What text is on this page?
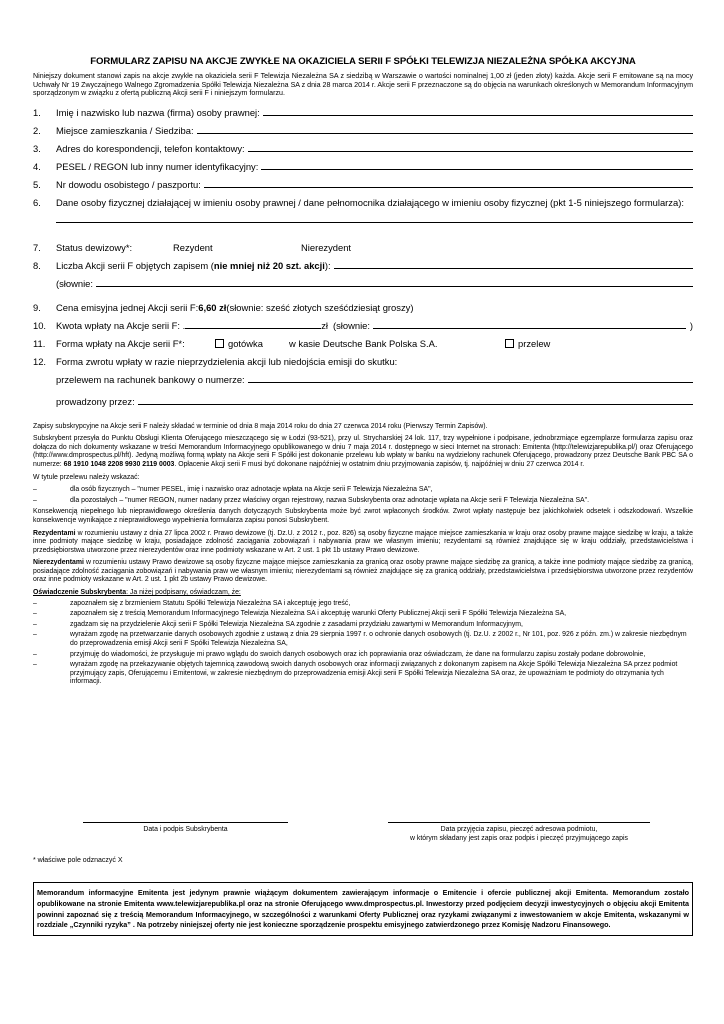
FORMULARZ ZAPISU NA AKCJE ZWYKŁE NA OKAZICIELA SERII F SPÓŁKI TELEWIZJA NIEZALEŻNA SPÓŁKA AKCYJNA
Niniejszy dokument stanowi zapis na akcje zwykłe na okaziciela serii F Telewizja Niezależna SA z siedzibą w Warszawie o wartości nominalnej 1,00 zł (jeden złoty) każda. Akcje serii F emitowane są na mocy Uchwały Nr 19 Zwyczajnego Walnego Zgromadzenia Spółki Telewizja Niezależna SA z dnia 28 marca 2014 r. Akcje serii F przeznaczone są do objęcia na warunkach określonych w Memorandum Informacyjnym sporządzonym w związku z ofertą publiczną Akcji serii F i niniejszym formularzu.
1.	Imię i nazwisko lub nazwa (firma) osoby prawnej:
2.	Miejsce zamieszkania / Siedziba:
3.	Adres do korespondencji, telefon kontaktowy:
4.	PESEL / REGON lub inny numer identyfikacyjny:
5.	Nr dowodu osobistego / paszportu:
6.	Dane osoby fizycznej działającej w imieniu osoby prawnej / dane pełnomocnika działającego w imieniu osoby fizycznej (pkt 1-5 niniejszego formularza):
7.	Status dewizowy*:	Rezydent	Nierezydent
8.	Liczba Akcji serii F objętych zapisem ( nie mniej niż 20 szt. akcji ):
(słownie:
9.	Cena emisyjna jednej Akcji serii F: 6,60 zł (słownie: sześć złotych sześćdziesiąt groszy)
10.	Kwota wpłaty na Akcje serii F: .	zł (słownie:	)
11.	Forma wpłaty na Akcje serii F*:	gotówka	w kasie Deutsche Bank Polska S.A.	przelew
12.	Forma zwrotu wpłaty w razie nieprzydzielenia akcji lub niedojścia emisji do skutku:
przelewem na rachunek bankowy o numerze:
prowadzony przez:

Zapisy subskrypcyjne na Akcje serii F należy składać w terminie od dnia 8 maja 2014 roku do dnia 27 czerwca 2014 roku (Pierwszy Termin Zapisów).

Subskrybent przesyła do Punktu Obsługi Klienta Oferującego mieszczącego się w Łodzi (93-521), przy ul. Strycharskiej 24 lok. 117, trzy wypełnione i podpisane, jednobrzmiące egzemplarze formularza zapisu oraz dołącza do nich dokumenty wskazane w treści Memorandum Informacyjnego opublikowanego w dniu 7 maja 2014 r. dostępnego w sieci Internet na stronach: Emitenta (http://telewizjarepublika.pl/) oraz Oferującego (http://www.dmprospectus.pl/hft). Jedyną możliwą formą wpłaty na Akcje serii F Spółki jest dokonanie przelewu lub wpłaty w banku na wydzielony rachunek Oferującego, prowadzony przez Deutsche Bank PBC SA o numerze: 68 1910 1048 2208 9930 2119 0003. Opłacenie Akcji serii F musi być dokonane najpóźniej w ostatnim dniu przyjmowania zapisów, tj. najpóźniej w dniu 27 czerwca 2014 r.

W tytule przelewu należy wskazać:

–	dla osób fizycznych – "numer PESEL, imię i nazwisko oraz adnotacje wpłata na Akcje serii F Telewizja Niezależna SA",
–	dla pozostałych – "numer REGON, numer nadany przez właściwy organ rejestrowy, nazwa Subskrybenta oraz adnotacje wpłata na Akcje serii F Telewizja Niezależna SA".

Konsekwencją niepełnego lub nieprawidłowego określenia danych dotyczących Subskrybenta może być zwrot wpłaconych środków. Zwrot wpłaty następuje bez jakichkolwiek odsetek i odszkodowań. Wszelkie konsekwencje wynikające z nieprawidłowego wypełnienia formularza zapisu ponosi Subskrybent.

Rezydentami w rozumieniu ustawy z dnia 27 lipca 2002 r. Prawo dewizowe (tj. Dz.U. z 2012 r., poz. 826) są osoby fizyczne mające miejsce zamieszkania w kraju oraz osoby prawne mające siedzibę w kraju, a także inne podmioty mające siedzibę w kraju, posiadające zdolność zaciągania zobowiązań i nabywania praw we własnym imieniu; rezydentami są również znajdujące się w kraju oddziały, przedstawicielstwa i przedsiębiorstwa utworzone przez nierezydentów oraz inne podmioty wskazane w Art. 2 ust. 1 pkt 1b ustawy Prawo dewizowe.

Nierezydentami w rozumieniu ustawy Prawo dewizowe są osoby fizyczne mające miejsce zamieszkania za granicą oraz osoby prawne mające siedzibę za granicą, a także inne podmioty mające siedzibę za granicą, posiadające zdolność zaciągania zobowiązań i nabywania praw we własnym imieniu; nierezydentami są również znajdujące się za granicą oddziały, przedstawicielstwa i przedsiębiorstwa utworzone przez rezydentów oraz inne podmioty wskazane w Art. 2 ust. 1 pkt 2b ustawy Prawo dewizowe.

Oświadczenie Subskrybenta: Ja niżej podpisany, oświadczam, że:

–	zapoznałem się z brzmieniem Statutu Spółki Telewizja Niezależna SA i akceptuję jego treść,
–	zapoznałem się z treścią Memorandum Informacyjnego Telewizja Niezależna SA i akceptuję warunki Oferty Publicznej Akcji serii F Spółki Telewizja Niezależna SA,
–	zgadzam się na przydzielenie Akcji serii F Spółki Telewizja Niezależna SA zgodnie z zasadami przydziału zawartymi w Memorandum Informacyjnym,
–	wyrażam zgodę na przetwarzanie danych osobowych zgodnie z ustawą z dnia 29 sierpnia 1997 r. o ochronie danych osobowych (tj. Dz.U. z 2002 r., Nr 101, poz. 926 z późn. zm.) w zakresie niezbędnym do przeprowadzenia emisji Akcji serii F Spółki Telewizja Niezależna SA,
–	przyjmuję do wiadomości, że przysługuje mi prawo wglądu do swoich danych osobowych oraz ich poprawiania oraz oświadczam, że dane na formularzu zapisu zostały podane dobrowolnie,
–	wyrażam zgodę na przekazywanie objętych tajemnicą zawodową swoich danych osobowych oraz informacji związanych z dokonanym zapisem na Akcje Spółki Telewizja Niezależna SA przez podmiot przyjmujący zapis, Oferującemu i Emitentowi, w zakresie niezbędnym do przeprowadzenia emisji Akcji serii F Spółki Telewizja Niezależna SA oraz, że upoważniam te podmioty do otrzymania tych informacji.
Data i podpis Subskrybenta	Data przyjęcia zapisu, pieczęć adresowa podmiotu,
w którym składany jest zapis oraz podpis i pieczęć przyjmującego zapis
* właściwe pole odznaczyć X
Memorandum informacyjne Emitenta jest jedynym prawnie wiążącym dokumentem zawierającym informacje o Emitencie i ofercie publicznej akcji Emitenta. Memorandum zostało opublikowane na stronie Emitenta www.telewizjarepublika.pl oraz na stronie Oferującego www.dmprospectus.pl. Inwestorzy przed podjęciem decyzji inwestycyjnych o objęciu akcji Emitenta powinni zapoznać się z treścią Memorandum Informacyjnego, w szczególności z warunkami Oferty Publicznej oraz ryzykami związanymi z inwestowaniem w akcje Emitenta, wskazanymi w rozdziale „Czynniki ryzyka” . Na potrzeby niniejszej oferty nie jest konieczne sporządzenie prospektu emisyjnego zatwierdzonego przez Komisję Nadzoru Finansowego.
